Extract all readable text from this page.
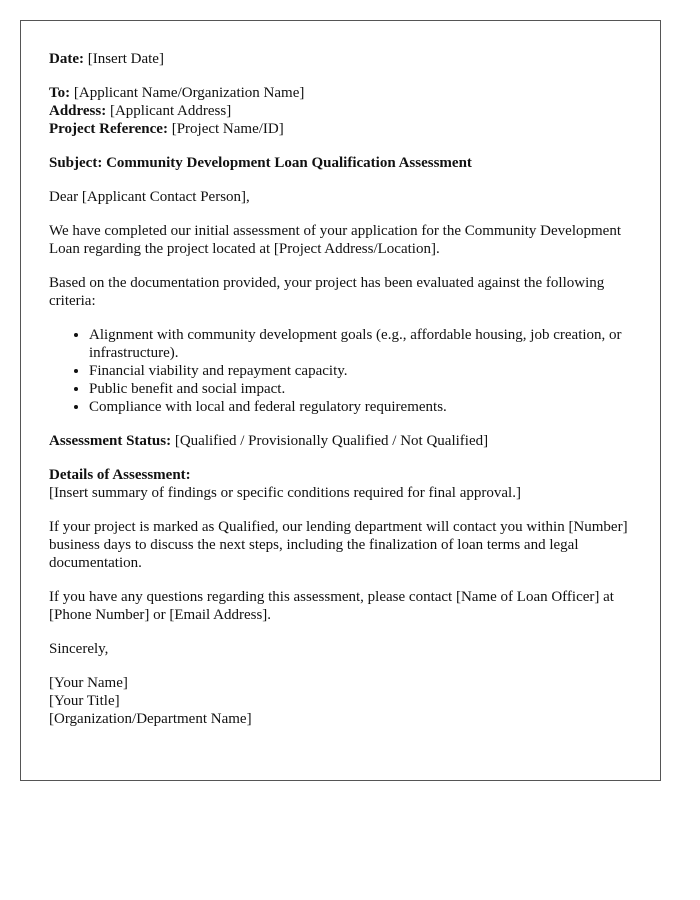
Date: [Insert Date]
To: [Applicant Name/Organization Name]
Address: [Applicant Address]
Project Reference: [Project Name/ID]
Subject: Community Development Loan Qualification Assessment

Dear [Applicant Contact Person],

We have completed our initial assessment of your application for the Community Development Loan regarding the project located at [Project Address/Location].

Based on the documentation provided, your project has been evaluated against the following criteria:

• Alignment with community development goals (e.g., affordable housing, job creation, or infrastructure).
• Financial viability and repayment capacity.
• Public benefit and social impact.
• Compliance with local and federal regulatory requirements.
Assessment Status: [Qualified / Provisionally Qualified / Not Qualified]
Details of Assessment:
[Insert summary of findings or specific conditions required for final approval.]

If your project is marked as Qualified, our lending department will contact you within [Number] business days to discuss the next steps, including the finalization of loan terms and legal documentation.

If you have any questions regarding this assessment, please contact [Name of Loan Officer] at [Phone Number] or [Email Address].

Sincerely,

[Your Name]
[Your Title]
[Organization/Department Name]
